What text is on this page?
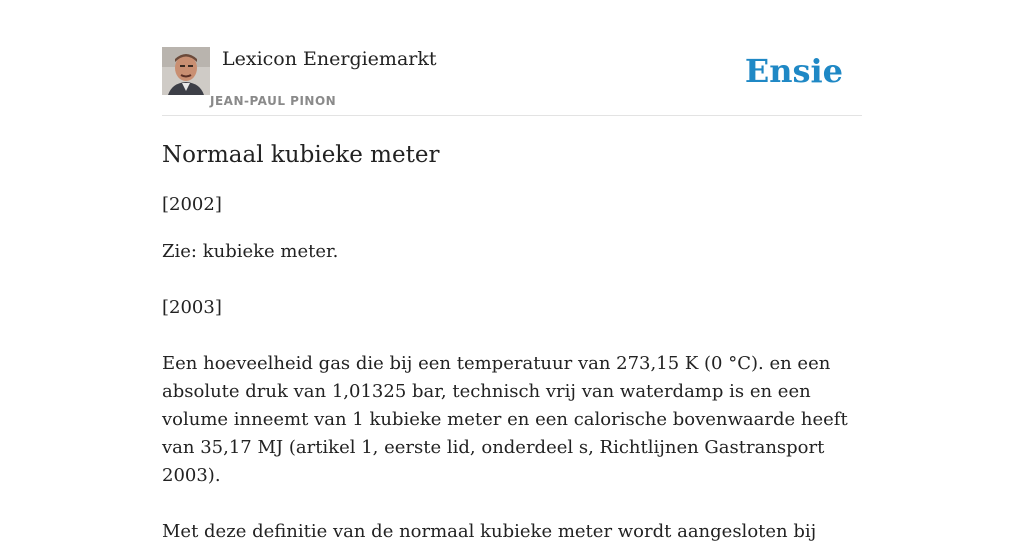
Lexicon Energiemarkt
JEAN-PAUL PINON
Ensie
Normaal kubieke meter

[2002]

Zie: kubieke meter.

[2003]

Een hoeveelheid gas die bij een temperatuur van 273,15 K (0 °C). en een absolute druk van 1,01325 bar, technisch vrij van waterdamp is en een volume inneemt van 1 kubieke meter en een calorische bovenwaarde heeft van 35,17 MJ (artikel 1, eerste lid, onderdeel s, Richtlijnen Gastransport 2003).

Met deze definitie van de normaal kubieke meter wordt aangesloten bij
